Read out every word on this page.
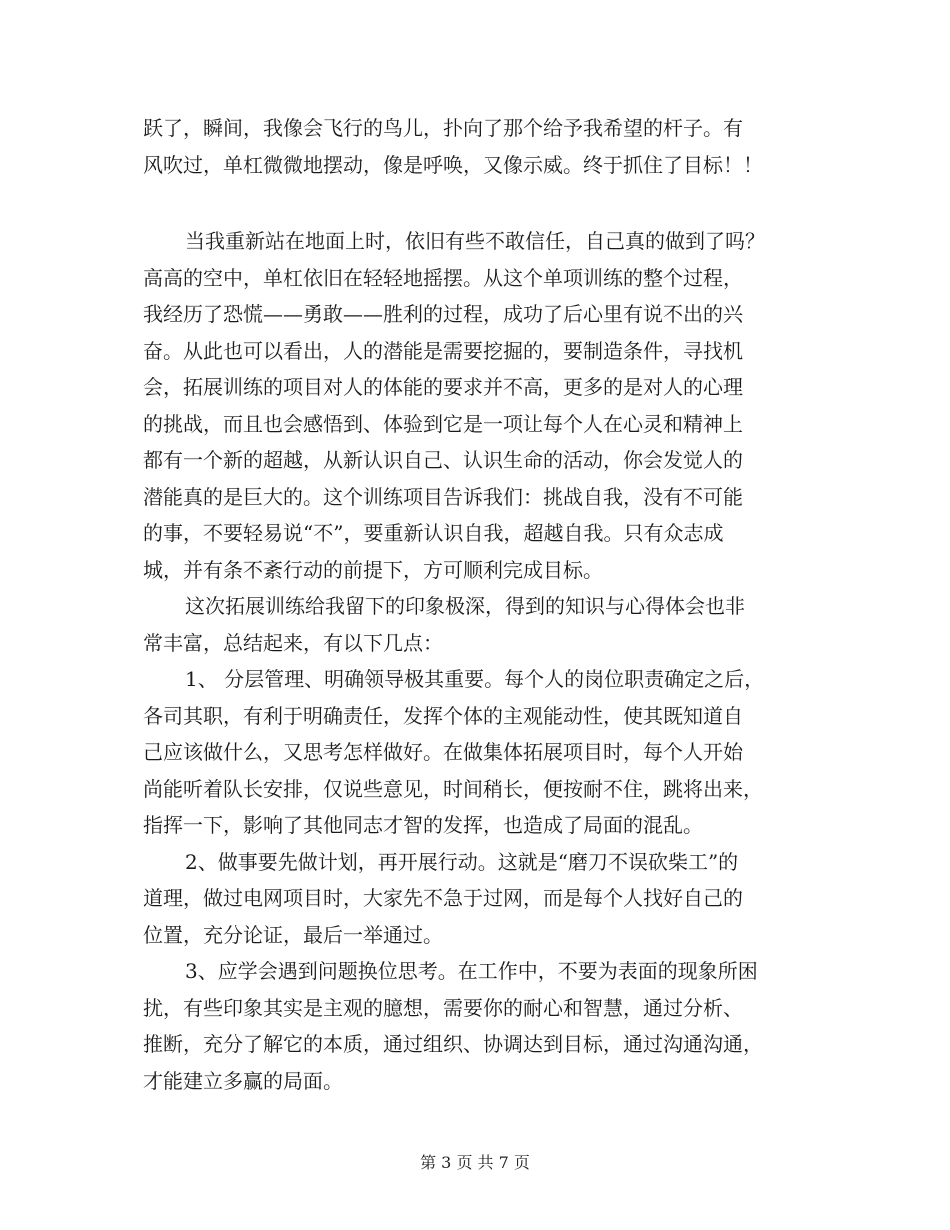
跃了，瞬间，我像会飞行的鸟儿，扑向了那个给予我希望的杆子。有
风吹过，单杠微微地摆动，像是呼唤，又像示威。终于抓住了目标！！

当我重新站在地面上时，依旧有些不敢信任，自己真的做到了吗？
高高的空中，单杠依旧在轻轻地摇摆。从这个单项训练的整个过程，
我经历了恐慌——勇敢——胜利的过程，成功了后心里有说不出的兴
奋。从此也可以看出，人的潜能是需要挖掘的，要制造条件，寻找机
会，拓展训练的项目对人的体能的要求并不高，更多的是对人的心理
的挑战，而且也会感悟到、体验到它是一项让每个人在心灵和精神上
都有一个新的超越，从新认识自己、认识生命的活动，你会发觉人的
潜能真的是巨大的。这个训练项目告诉我们：挑战自我，没有不可能
的事，不要轻易说“不”，要重新认识自我，超越自我。只有众志成
城，并有条不紊行动的前提下，方可顺利完成目标。

这次拓展训练给我留下的印象极深，得到的知识与心得体会也非
常丰富，总结起来，有以下几点：

1、 分层管理、明确领导极其重要。每个人的岗位职责确定之后，
各司其职，有利于明确责任，发挥个体的主观能动性，使其既知道自
己应该做什么，又思考怎样做好。在做集体拓展项目时，每个人开始
尚能听着队长安排，仅说些意见，时间稍长，便按耐不住，跳将出来，
指挥一下，影响了其他同志才智的发挥，也造成了局面的混乱。

2、做事要先做计划，再开展行动。这就是“磨刀不误砍柴工”的
道理，做过电网项目时，大家先不急于过网，而是每个人找好自己的
位置，充分论证，最后一举通过。

3、应学会遇到问题换位思考。在工作中，不要为表面的现象所困
扰，有些印象其实是主观的臆想，需要你的耐心和智慧，通过分析、
推断，充分了解它的本质，通过组织、协调达到目标，通过沟通沟通，
才能建立多赢的局面。

第 3 页 共 7 页
